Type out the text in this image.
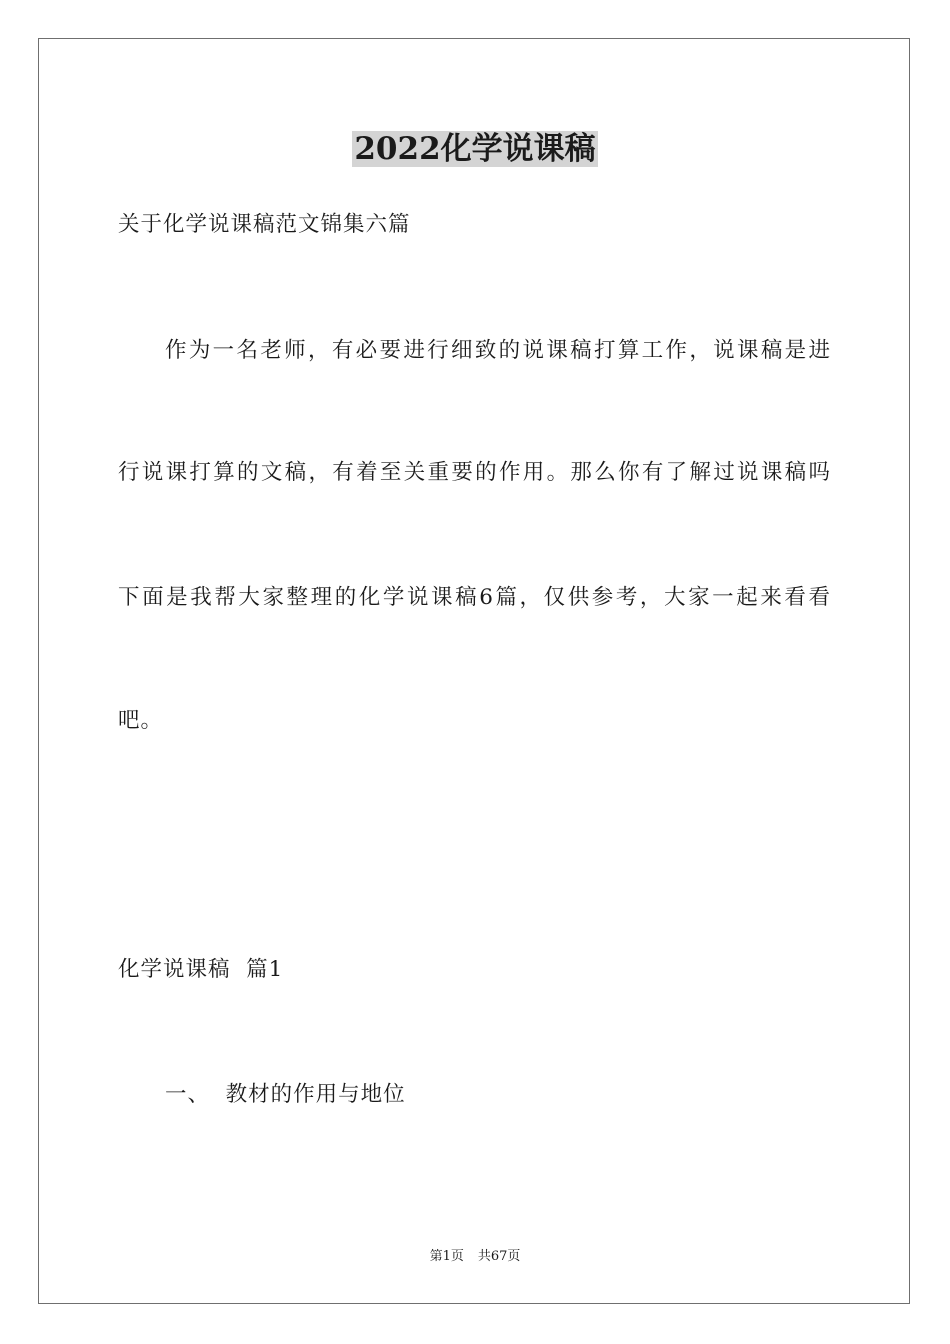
2022化学说课稿
关于化学说课稿范文锦集六篇
作为一名老师，有必要进行细致的说课稿打算工作，说课稿是进
行说课打算的文稿，有着至关重要的作用。那么你有了解过说课稿吗
下面是我帮大家整理的化学说课稿6篇，仅供参考，大家一起来看看
吧。
化学说课稿  篇1
一、  教材的作用与地位
第1页 共67页
